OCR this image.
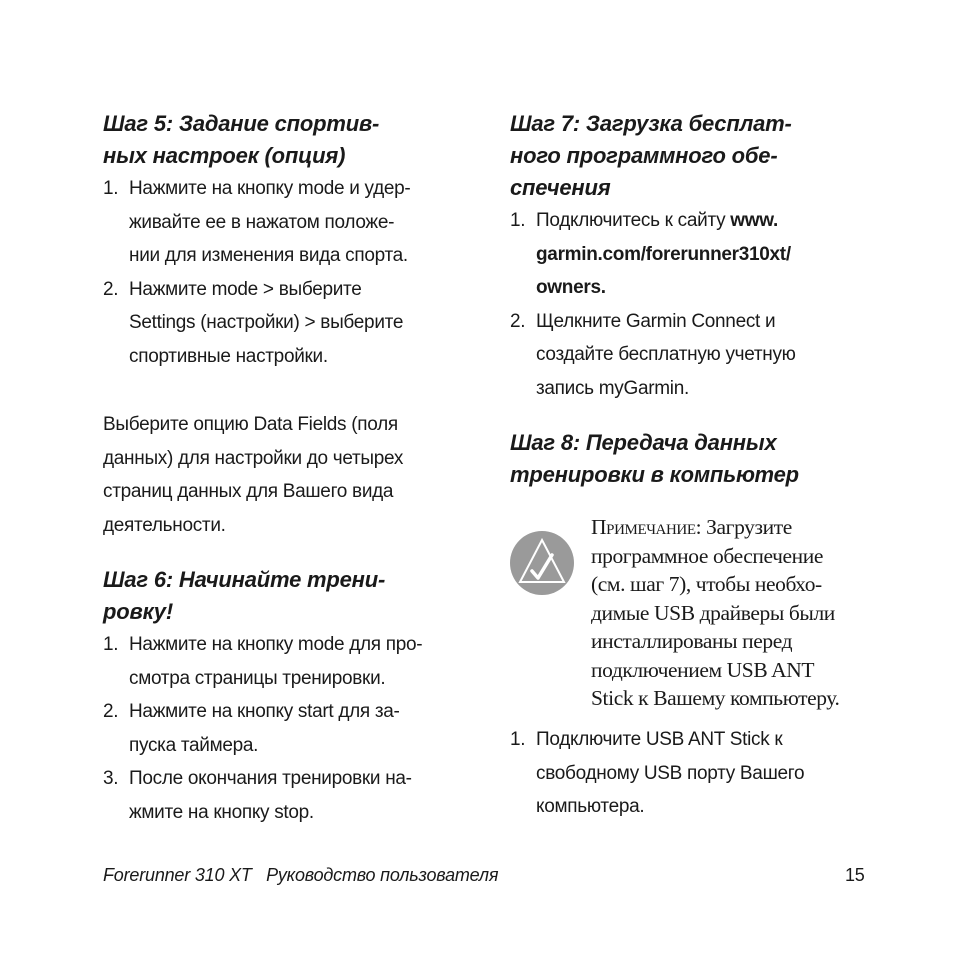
Шаг 5: Задание спортив-
ных настроек (опция)
1. Нажмите на кнопку mode и удер-
живайте ее в нажатом положе-
нии для изменения вида спорта.
2. Нажмите mode > выберите
Settings (настройки) > выберите
спортивные настройки.

Выберите опцию Data Fields (поля
данных) для настройки до четырех
страниц данных для Вашего вида
деятельности.

Шаг 6: Начинайте трени-
ровку!
1. Нажмите на кнопку mode для про-
смотра страницы тренировки.
2. Нажмите на кнопку start для за-
пуска таймера.
3. После окончания тренировки на-
жмите на кнопку stop.
Шаг 7: Загрузка бесплат-
ного программного обе-
спечения
1. Подключитесь к сайту www.
garmin.com/forerunner310xt/
owners.
2. Щелкните Garmin Connect и
создайте бесплатную учетную
запись myGarmin.
Шаг 8: Передача данных
тренировки в компьютер
Примечание: Загрузите
программное обеспечение
(см. шаг 7), чтобы необхо-
димые USB драйверы были
инсталлированы перед
подключением USB ANT
Stick к Вашему компьютеру.
1. Подключите USB ANT Stick к
свободному USB порту Вашего
компьютера.
Forerunner 310 XT   Руководство пользователя	15
